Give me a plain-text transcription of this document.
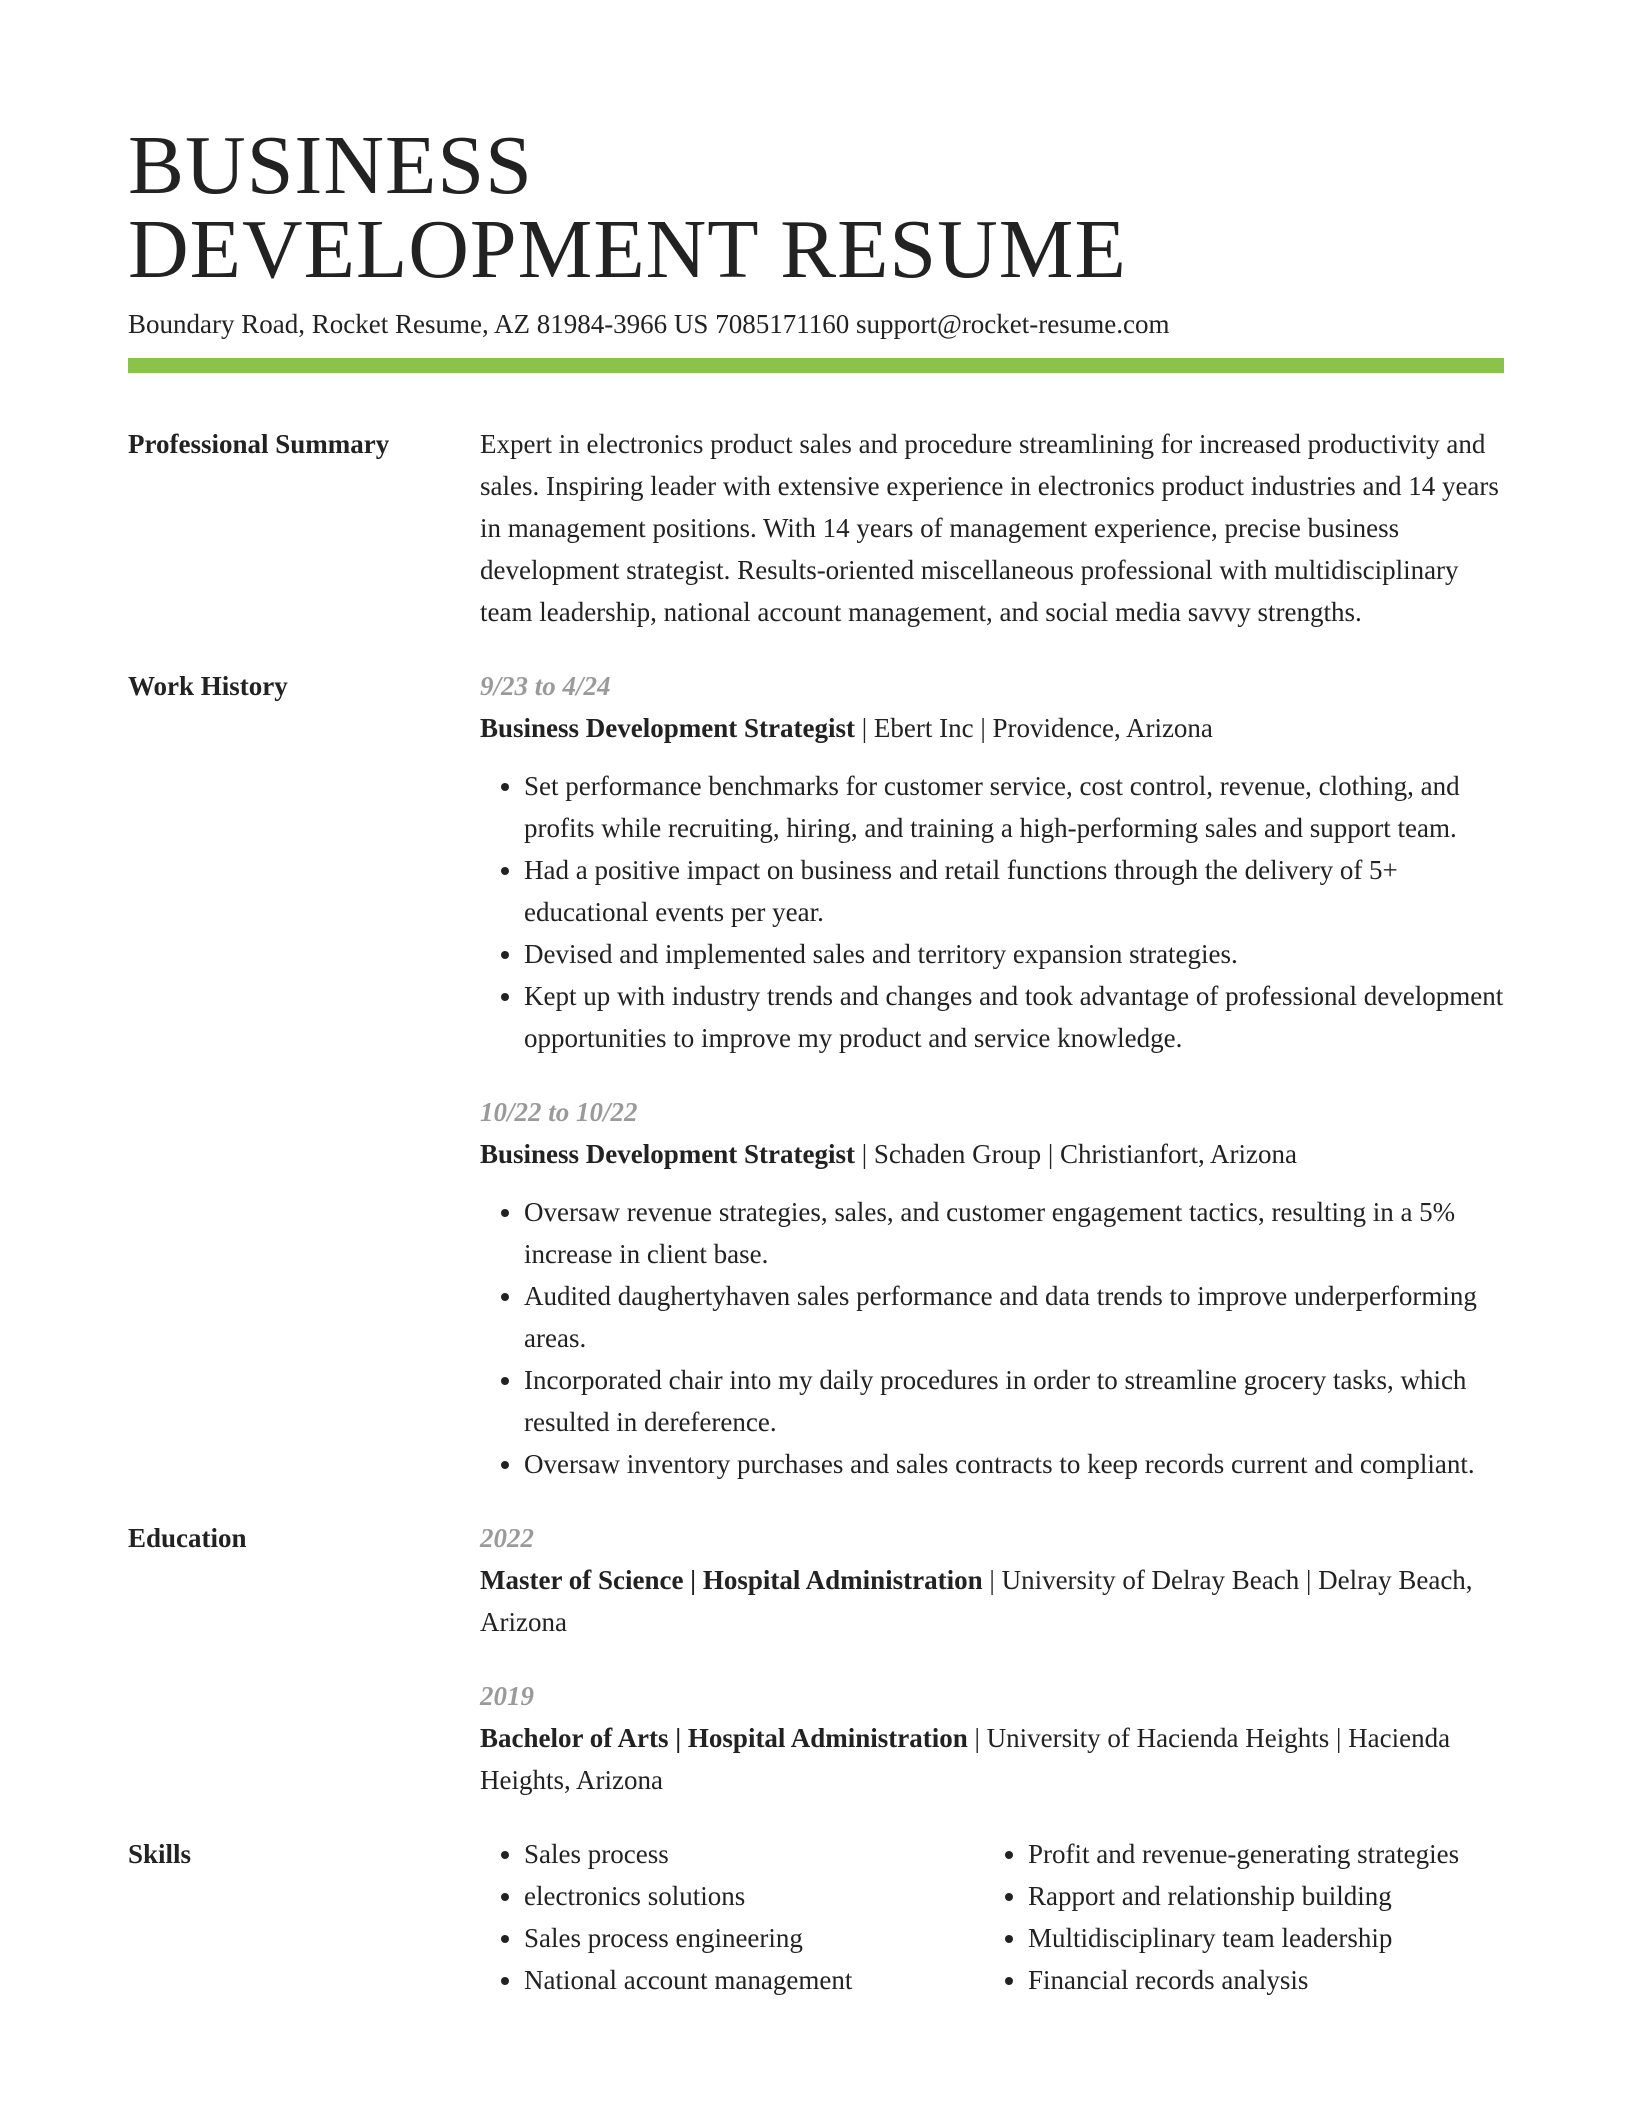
BUSINESS
DEVELOPMENT RESUME
Boundary Road, Rocket Resume, AZ 81984-3966 US 7085171160 support@rocket-resume.com
Professional Summary	Expert in electronics product sales and procedure streamlining for increased productivity and sales. Inspiring leader with extensive experience in electronics product industries and 14 years in management positions. With 14 years of management experience, precise business development strategist. Results-oriented miscellaneous professional with multidisciplinary team leadership, national account management, and social media savvy strengths.
Work History	9/23 to 4/24
Business Development Strategist | Ebert Inc | Providence, Arizona
• Set performance benchmarks for customer service, cost control, revenue, clothing, and profits while recruiting, hiring, and training a high-performing sales and support team.
• Had a positive impact on business and retail functions through the delivery of 5+ educational events per year.
• Devised and implemented sales and territory expansion strategies.
• Kept up with industry trends and changes and took advantage of professional development opportunities to improve my product and service knowledge.
10/22 to 10/22
Business Development Strategist | Schaden Group | Christianfort, Arizona
• Oversaw revenue strategies, sales, and customer engagement tactics, resulting in a 5% increase in client base.
• Audited daughertyhaven sales performance and data trends to improve underperforming areas.
• Incorporated chair into my daily procedures in order to streamline grocery tasks, which resulted in dereference.
• Oversaw inventory purchases and sales contracts to keep records current and compliant.
Education	2022
Master of Science | Hospital Administration | University of Delray Beach | Delray Beach, Arizona
2019
Bachelor of Arts | Hospital Administration | University of Hacienda Heights | Hacienda Heights, Arizona
Skills
•	Sales process
• electronics solutions
• Sales process engineering
• National account management
• Profit and revenue-generating strategies
• Rapport and relationship building
• Multidisciplinary team leadership
• Financial records analysis
